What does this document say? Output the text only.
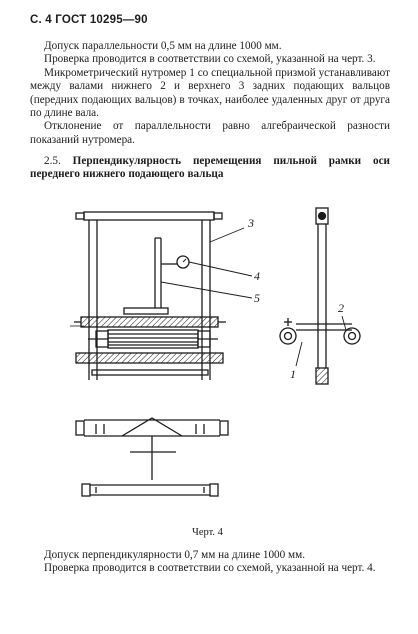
С. 4 ГОСТ 10295—90

Допуск параллельности 0,5 мм на длине 1000 мм.

Проверка проводится в соответствии со схемой, указанной на черт. 3.

Микрометрический нутромер 1 со специальной призмой устанавливают между валами нижнего 2 и верхнего 3 задних подающих вальцов (передних подающих вальцов) в точках, наиболее удаленных друг от друга по длине вала.

Отклонение от параллельности равно алгебраической разности показаний нутромера.

2.5. Перпендикулярность перемещения пильной рамки оси переднего нижнего подающего вальца

3
4
5
1
2
Черт. 4

Допуск перпендикулярности 0,7 мм на длине 1000 мм.

Проверка проводится в соответствии со схемой, указанной на черт. 4.
